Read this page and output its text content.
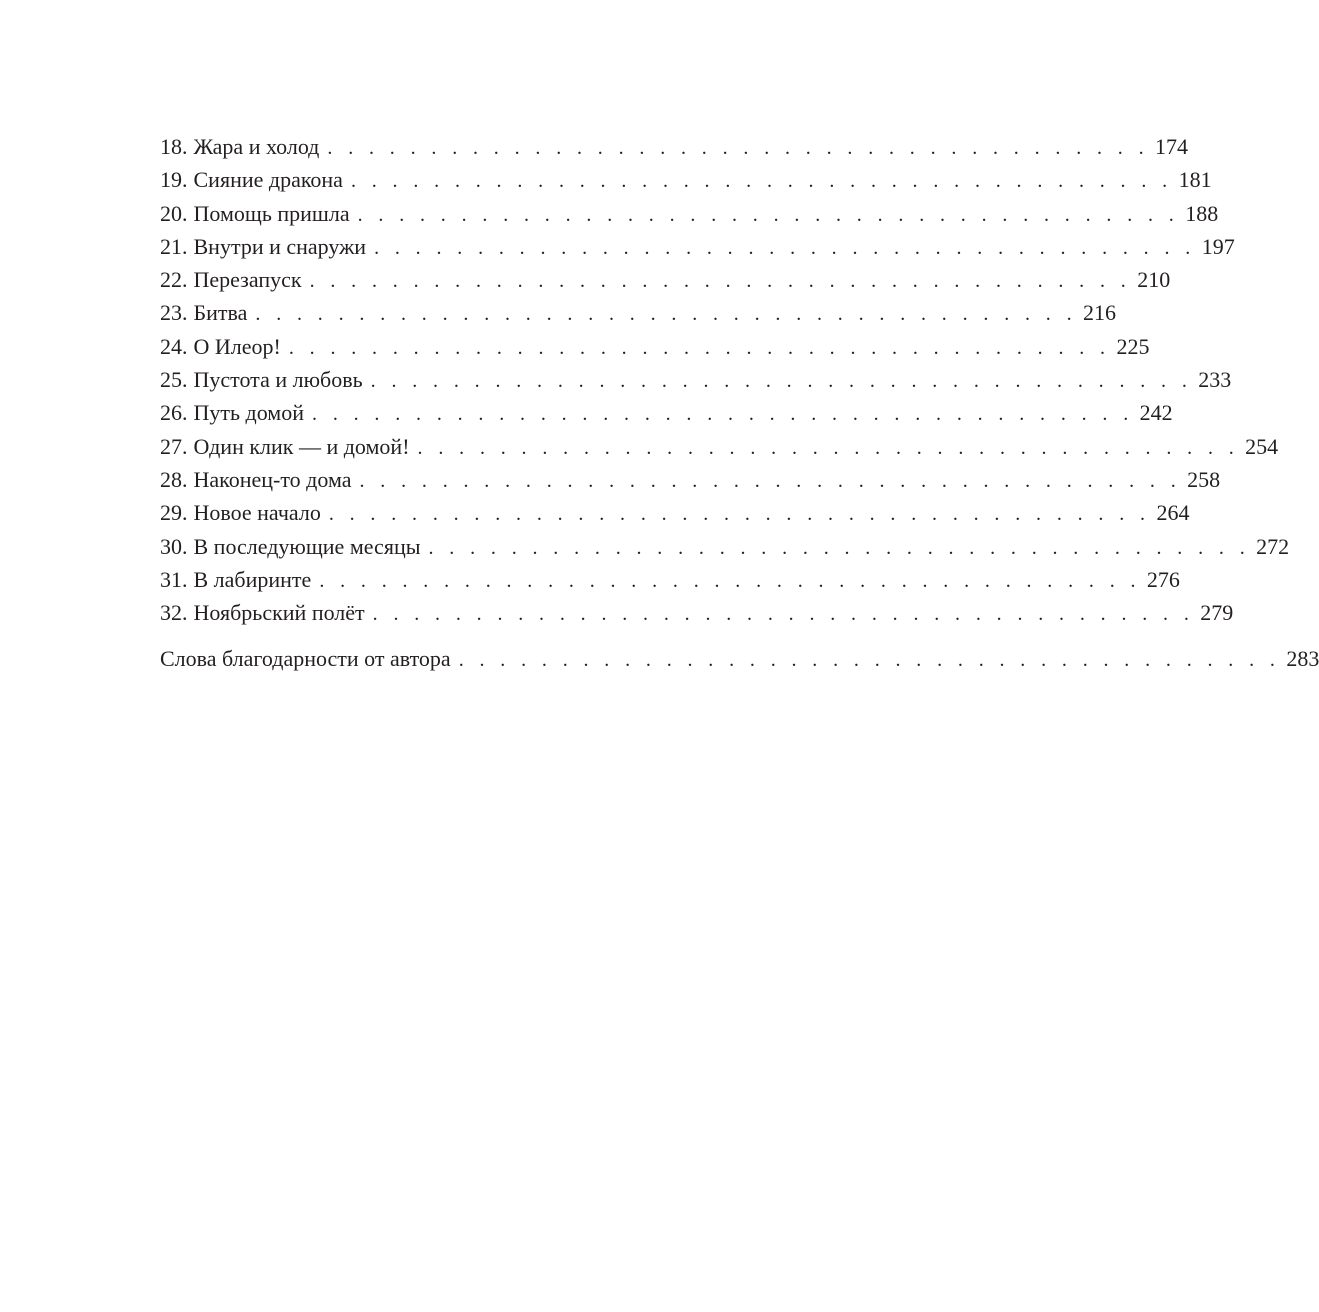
18. Жара и холод . . . . . . . . . . . . . . . . . . . . . . . . . . . . . . . . . . . . . . . . 174
19. Сияние дракона . . . . . . . . . . . . . . . . . . . . . . . . . . . . . . . . . . . . . . . . 181
20. Помощь пришла . . . . . . . . . . . . . . . . . . . . . . . . . . . . . . . . . . . . . . . . 188
21. Внутри и снаружи . . . . . . . . . . . . . . . . . . . . . . . . . . . . . . . . . . . . . . . . 197
22. Перезапуск . . . . . . . . . . . . . . . . . . . . . . . . . . . . . . . . . . . . . . . . 210
23. Битва . . . . . . . . . . . . . . . . . . . . . . . . . . . . . . . . . . . . . . . . 216
24. О Илеор! . . . . . . . . . . . . . . . . . . . . . . . . . . . . . . . . . . . . . . . . 225
25. Пустота и любовь . . . . . . . . . . . . . . . . . . . . . . . . . . . . . . . . . . . . . . . . 233
26. Путь домой . . . . . . . . . . . . . . . . . . . . . . . . . . . . . . . . . . . . . . . . 242
27. Один клик — и домой! . . . . . . . . . . . . . . . . . . . . . . . . . . . . . . . . . . . . . . . . 254
28. Наконец-то дома . . . . . . . . . . . . . . . . . . . . . . . . . . . . . . . . . . . . . . . . 258
29. Новое начало . . . . . . . . . . . . . . . . . . . . . . . . . . . . . . . . . . . . . . . . 264
30. В последующие месяцы . . . . . . . . . . . . . . . . . . . . . . . . . . . . . . . . . . . . . . . . 272
31. В лабиринте . . . . . . . . . . . . . . . . . . . . . . . . . . . . . . . . . . . . . . . . 276
32. Ноябрьский полёт . . . . . . . . . . . . . . . . . . . . . . . . . . . . . . . . . . . . . . . . 279
Слова благодарности от автора . . . . . . . . . . . . . . . . . . . . . . . . . . . . . . . . . . . . . . . . 283
